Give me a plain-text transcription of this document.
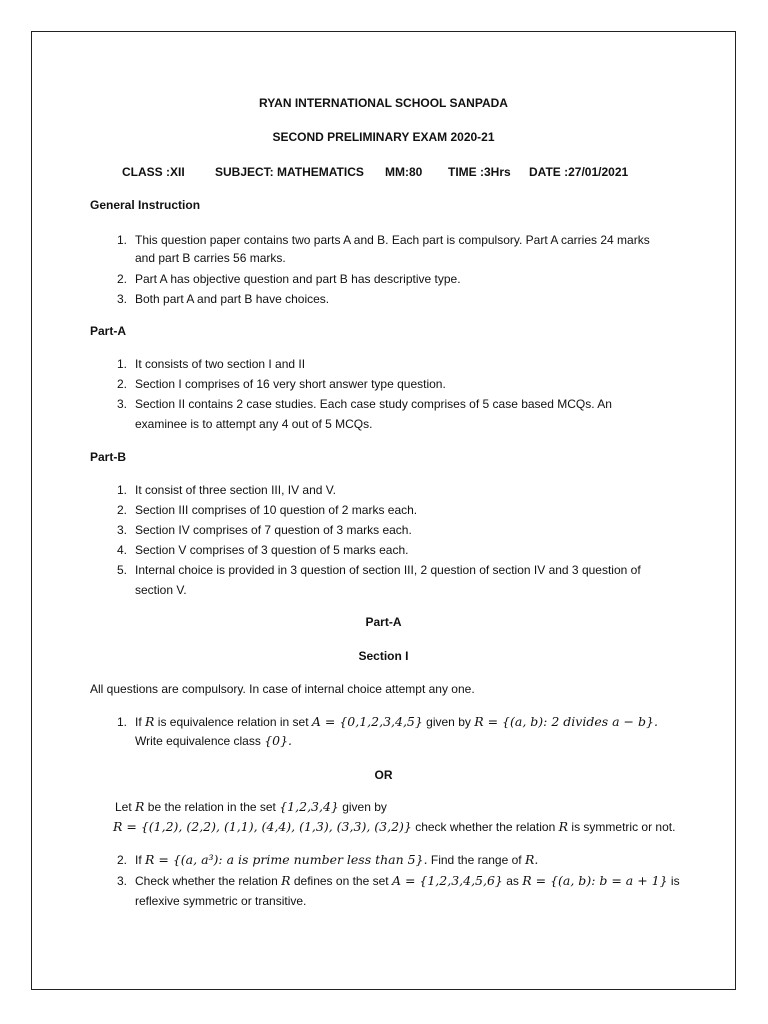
RYAN INTERNATIONAL SCHOOL SANPADA
SECOND PRELIMINARY EXAM 2020-21
CLASS :XII	SUBJECT: MATHEMATICS MM:80 TIME :3Hrs DATE :27/01/2021
General Instruction
1. This question paper contains two parts A and B. Each part is compulsory. Part A carries 24 marks
and part B carries 56 marks.
2. Part A has objective question and part B has descriptive type.
3. Both part A and part B have choices.
Part-A
1. It consists of two section I and II
2. Section I comprises of 16 very short answer type question.
3. Section II contains 2 case studies. Each case study comprises of 5 case based MCQs. An
examinee is to attempt any 4 out of 5 MCQs.
Part-B
1. It consist of three section III, IV and V.
2. Section III comprises of 10 question of 2 marks each.
3. Section IV comprises of 7 question of 3 marks each.
4. Section V comprises of 3 question of 5 marks each.
5. Internal choice is provided in 3 question of section III, 2 question of section IV and 3 question of
section V.
Part-A
Section I
All questions are compulsory. In case of internal choice attempt any one.
1. If R is equivalence relation in set A = {0,1,2,3,4,5} given by R = {(a, b): 2 divides a − b}.
Write equivalence class {0}.
OR
Let R be the relation in the set {1,2,3,4} given by
R = {(1,2), (2,2), (1,1), (4,4), (1,3), (3,3), (3,2)} check whether the relation R is symmetric or not.
2. If R = {(a, a³): a is prime number less than 5}. Find the range of R.
3. Check whether the relation R defines on the set A = {1,2,3,4,5,6} as R = {(a, b): b = a + 1} is
reflexive symmetric or transitive.
